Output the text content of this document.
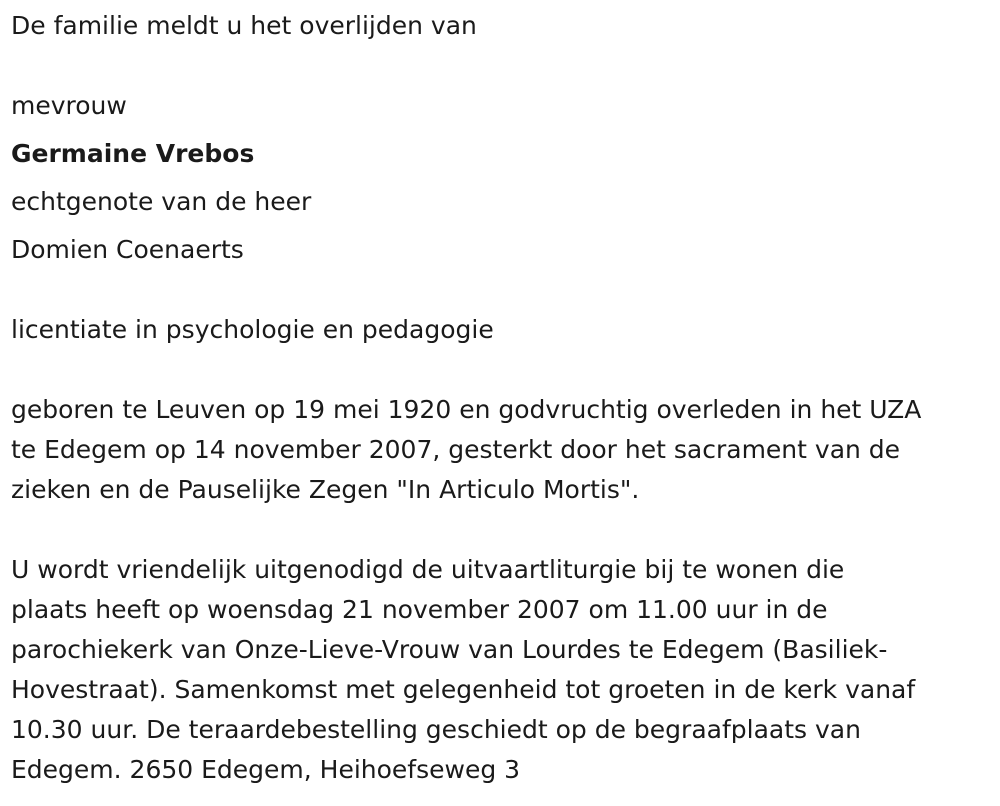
De familie meldt u het overlijden van

mevrouw

Germaine Vrebos

echtgenote van de heer

Domien Coenaerts

licentiate in psychologie en pedagogie

geboren te Leuven op 19 mei 1920 en godvruchtig overleden in het UZA
te Edegem op 14 november 2007, gesterkt door het sacrament van de
zieken en de Pauselijke Zegen "In Articulo Mortis".
U wordt vriendelijk uitgenodigd de uitvaartliturgie bij te wonen die
plaats heeft op woensdag 21 november 2007 om 11.00 uur in de
parochiekerk van Onze-Lieve-Vrouw van Lourdes te Edegem (Basiliek-
Hovestraat). Samenkomst met gelegenheid tot groeten in de kerk vanaf
10.30 uur. De teraardebestelling geschiedt op de begraafplaats van
Edegem. 2650 Edegem, Heihoefseweg 3
